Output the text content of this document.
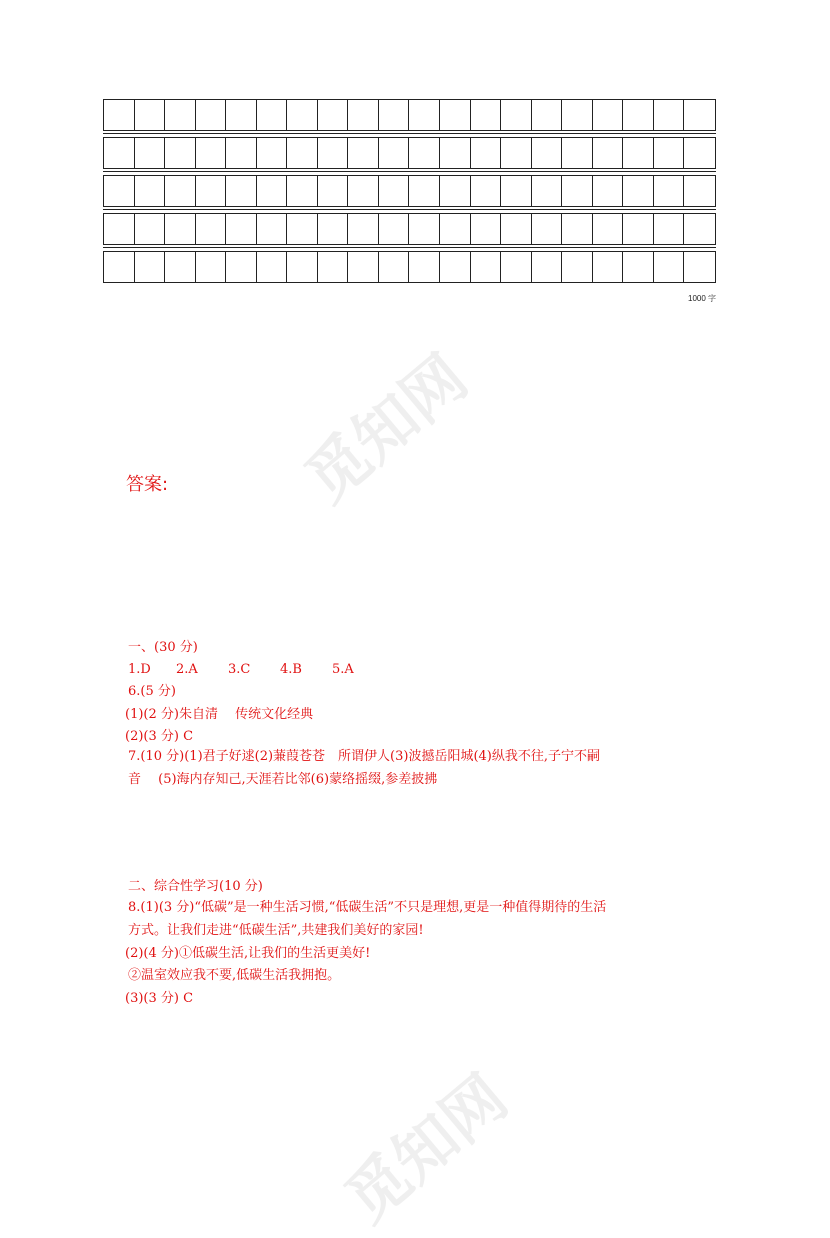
1000 字
觅知网
答案:
一、(30 分)
1.D	2.A	3.C	4.B	5.A
6.(5 分)
(1)(2 分)朱自清　 传统文化经典
(2)(3 分) C
7.(10 分)(1)君子好逑(2)蒹葭苍苍　所谓伊人(3)波撼岳阳城(4)纵我不往,子宁不嗣
音　 (5)海内存知己,天涯若比邻(6)蒙络摇缀,参差披拂
二、综合性学习(10 分)
8.(1)(3 分)“低碳”是一种生活习惯,“低碳生活”不只是理想,更是一种值得期待的生活
方式。让我们走进“低碳生活”,共建我们美好的家园!
(2)(4 分)①低碳生活,让我们的生活更美好!
②温室效应我不要,低碳生活我拥抱。
(3)(3 分) C
觅知网
